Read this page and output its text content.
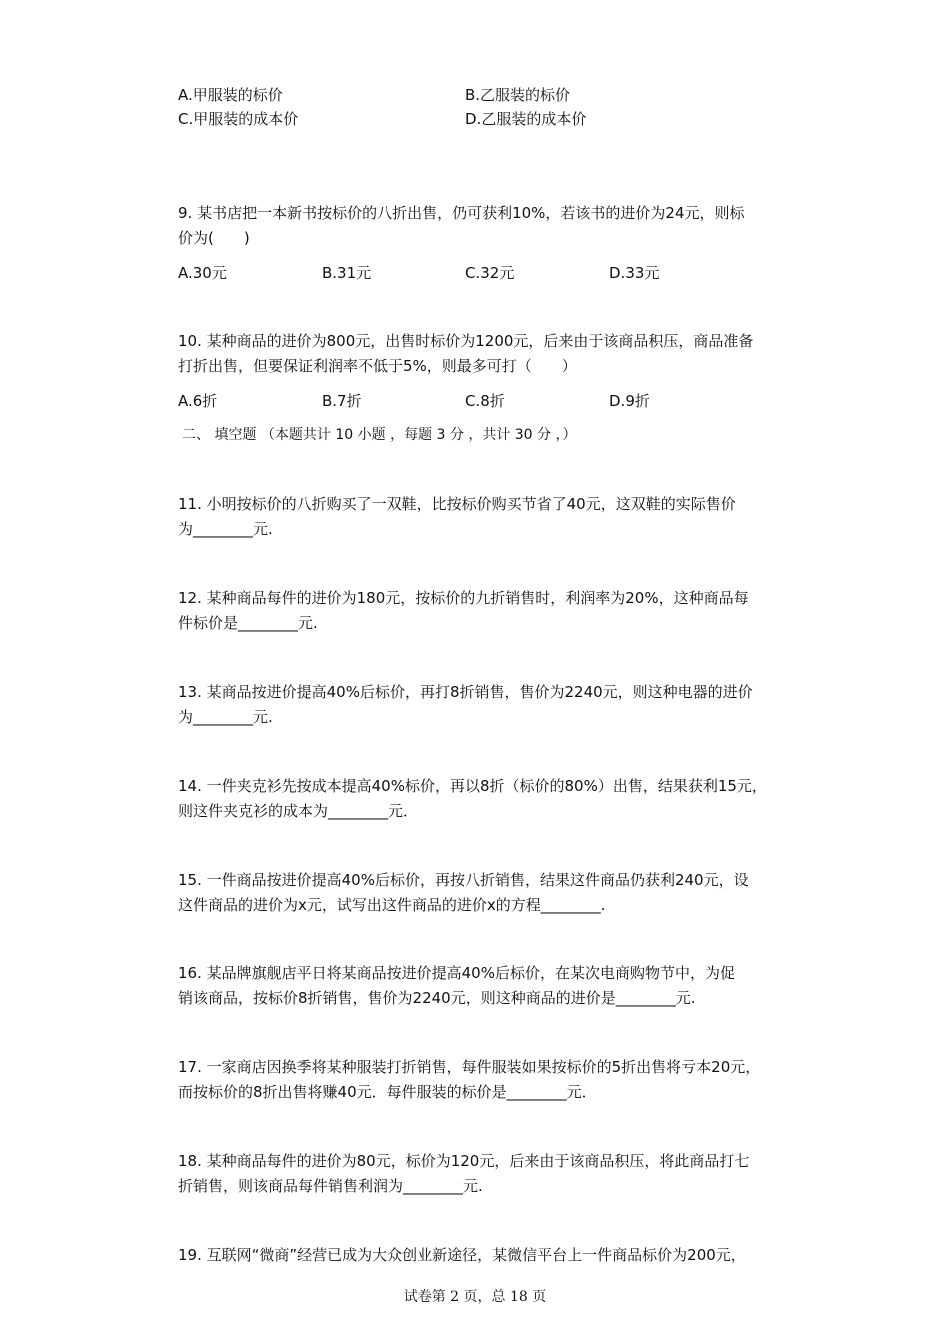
A.甲服装的标价	B.乙服装的标价
C.甲服装的成本价	D.乙服装的成本价
9. 某书店把一本新书按标价的八折出售，仍可获利10%，若该书的进价为24元，则标
价为(　　)
A.30元	B.31元	C.32元	D.33元
10. 某种商品的进价为800元，出售时标价为1200元，后来由于该商品积压，商品准备
打折出售，但要保证利润率不低于5%，则最多可打（　　）
A.6折	B.7折	C.8折	D.9折
二、 填空题 （本题共计 10 小题 ，每题 3 分 ，共计 30 分 ，）
11. 小明按标价的八折购买了一双鞋，比按标价购买节省了40元，这双鞋的实际售价
为________元.
12. 某种商品每件的进价为180元，按标价的九折销售时，利润率为20%，这种商品每
件标价是________元.
13. 某商品按进价提高40%后标价，再打8折销售，售价为2240元，则这种电器的进价
为________元.
14. 一件夹克衫先按成本提高40%标价，再以8折（标价的80%）出售，结果获利15元，
则这件夹克衫的成本为________元．
15. 一件商品按进价提高40%后标价，再按八折销售，结果这件商品仍获利240元，设
这件商品的进价为x元，试写出这件商品的进价x的方程________.
16. 某品牌旗舰店平日将某商品按进价提高40%后标价，在某次电商购物节中，为促
销该商品，按标价8折销售，售价为2240元，则这种商品的进价是________元.
17. 一家商店因换季将某种服装打折销售，每件服装如果按标价的5折出售将亏本20元，
而按标价的8折出售将赚40元．每件服装的标价是________元．
18. 某种商品每件的进价为80元，标价为120元，后来由于该商品积压，将此商品打七
折销售，则该商品每件销售利润为________元.
19. 互联网“微商”经营已成为大众创业新途径，某微信平台上一件商品标价为200元，
试卷第 2 页，总 18 页
